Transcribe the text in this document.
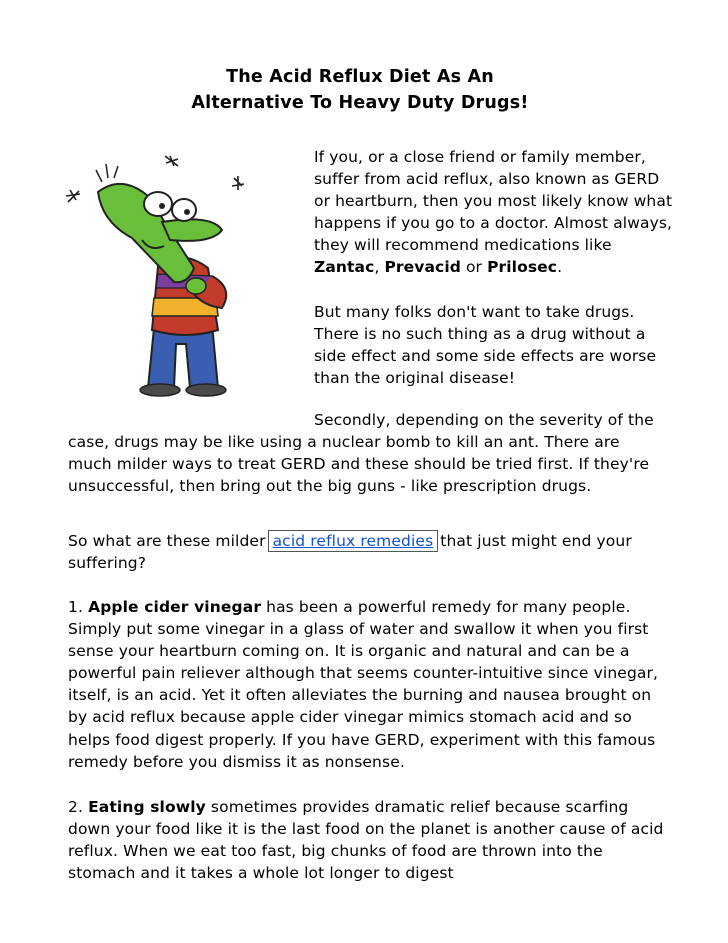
The Acid Reflux Diet As An
Alternative To Heavy Duty Drugs!

If you, or a close friend or family member, suffer from acid reflux, also known as GERD or heartburn, then you most likely know what happens if you go to a doctor. Almost always, they will recommend medications like Zantac, Prevacid or Prilosec.

But many folks don't want to take drugs. There is no such thing as a drug without a side effect and some side effects are worse than the original disease!

Secondly, depending on the severity of the case, drugs may be like using a nuclear bomb to kill an ant. There are much milder ways to treat GERD and these should be tried first. If they're unsuccessful, then bring out the big guns - like prescription drugs.

So what are these milder acid reflux remedies that just might end your suffering?

1. Apple cider vinegar has been a powerful remedy for many people. Simply put some vinegar in a glass of water and swallow it when you first sense your heartburn coming on. It is organic and natural and can be a powerful pain reliever although that seems counter-intuitive since vinegar, itself, is an acid. Yet it often alleviates the burning and nausea brought on by acid reflux because apple cider vinegar mimics stomach acid and so helps food digest properly. If you have GERD, experiment with this famous remedy before you dismiss it as nonsense.

2. Eating slowly sometimes provides dramatic relief because scarfing down your food like it is the last food on the planet is another cause of acid reflux. When we eat too fast, big chunks of food are thrown into the stomach and it takes a whole lot longer to digest
